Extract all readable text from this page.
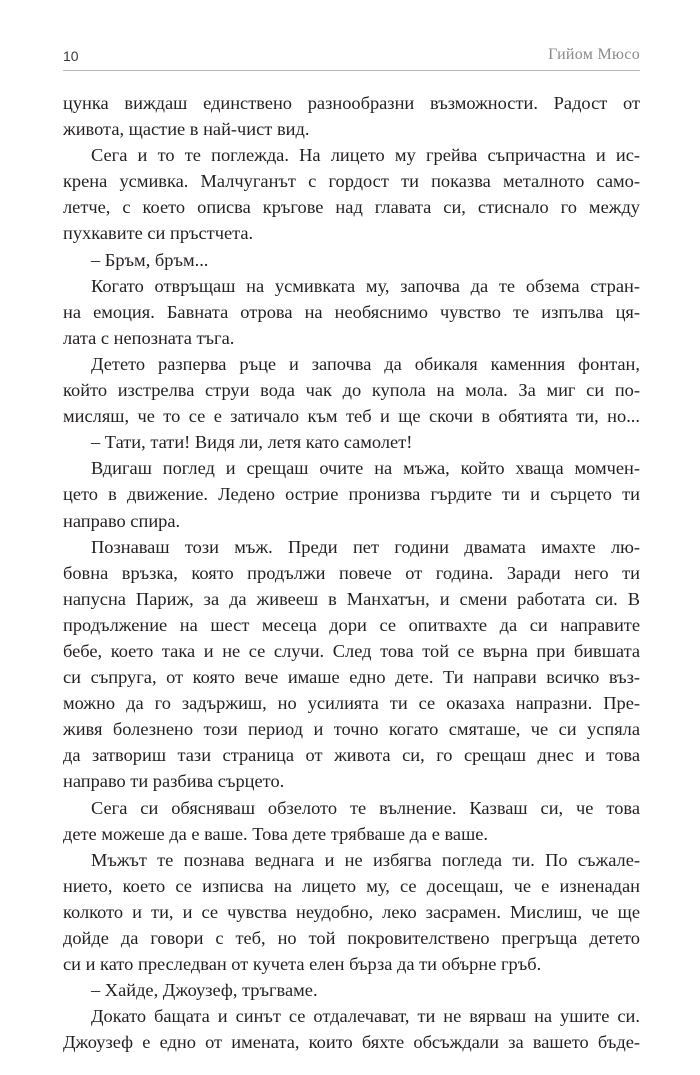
10	Гийом Мюсо
цунка виждаш единствено разнообразни възможности. Радост от
живота, щастие в най-чист вид.
Сега и то те поглежда. На лицето му грейва съпричастна и ис-
крена усмивка. Малчуганът с гордост ти показва металното само-
летче, с което описва кръгове над главата си, стиснало го между
пухкавите си пръстчета.
– Бръм, бръм...
Когато отвръщаш на усмивката му, започва да те обзема стран-
на емоция. Бавната отрова на необяснимо чувство те изпълва ця-
лата с непозната тъга.
Детето разперва ръце и започва да обикаля каменния фонтан,
който изстрелва струи вода чак до купола на мола. За миг си по-
мисляш, че то се е затичало към теб и ще скочи в обятията ти, но...
– Тати, тати! Видя ли, летя като самолет!
Вдигаш поглед и срещаш очите на мъжа, който хваща момчен-
цето в движение. Ледено острие пронизва гърдите ти и сърцето ти
направо спира.
Познаваш този мъж. Преди пет години двамата имахте лю-
бовна връзка, която продължи повече от година. Заради него ти
напусна Париж, за да живееш в Манхатън, и смени работата си. В
продължение на шест месеца дори се опитвахте да си направите
бебе, което така и не се случи. След това той се върна при бившата
си съпруга, от която вече имаше едно дете. Ти направи всичко въз-
можно да го задържиш, но усилията ти се оказаха напразни. Пре-
живя болезнено този период и точно когато смяташе, че си успяла
да затвориш тази страница от живота си, го срещаш днес и това
направо ти разбива сърцето.
Сега си обясняваш обзелото те вълнение. Казваш си, че това
дете можеше да е ваше. Това дете трябваше да е ваше.
Мъжът те познава веднага и не избягва погледа ти. По съжале-
нието, което се изписва на лицето му, се досещаш, че е изненадан
колкото и ти, и се чувства неудобно, леко засрамен. Мислиш, че ще
дойде да говори с теб, но той покровителствено прегръща детето
си и като преследван от кучета елен бърза да ти обърне гръб.
– Хайде, Джоузеф, тръгваме.
Докато бащата и синът се отдалечават, ти не вярваш на ушите си.
Джоузеф е едно от имената, които бяхте обсъждали за вашето бъде-
